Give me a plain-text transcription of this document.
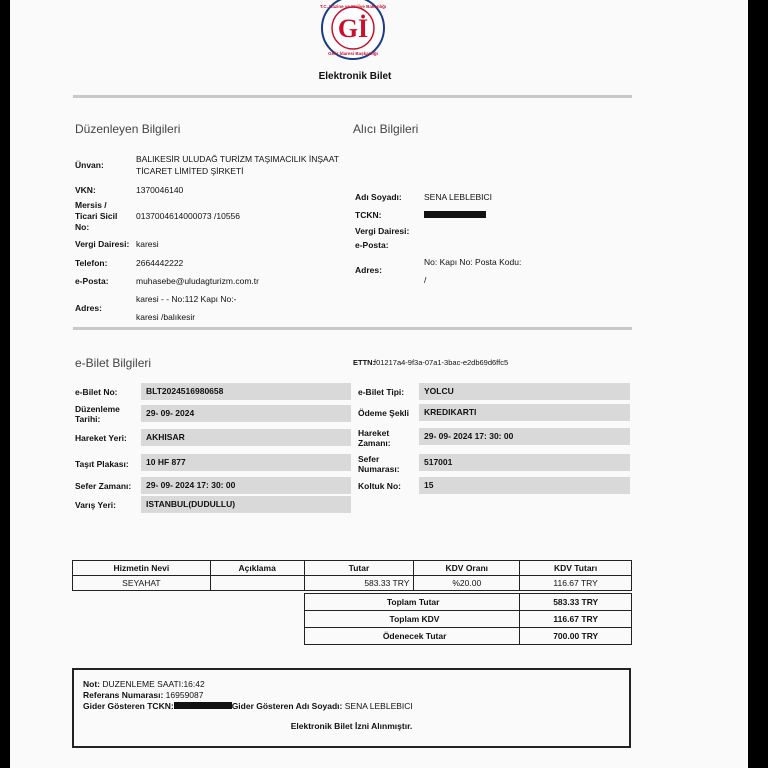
Gİ
T.C. Hazine ve Maliye Bakanlığı
Gelir İdaresi Başkanlığı
Elektronik Bilet
Düzenleyen Bilgileri
Ünvan:
BALIKESİR ULUDAĞ TURİZM TAŞIMACILIK İNŞAAT
TİCARET LİMİTED ŞİRKETİ
VKN:	1370046140
Mersis /
Ticari Sicil
No:
0137004614000073 /10556
Vergi Dairesi: karesi
Telefon:	2664442222
e-Posta:	muhasebe@uludagturizm.com.tr
Adres:
karesi - - No:112 Kapı No:-
karesi /balıkesir
Alıcı Bilgileri
Adı Soyadı:	SENA LEBLEBICI
TCKN:
Vergi Dairesi:
e-Posta:
Adres:
No: Kapı No: Posta Kodu:
/
e-Bilet Bilgileri	ETTN:
f01217a4-9f3a-07a1-3bac-e2db69d6ffc5
e-Bilet No:	BLT2024516980658
Düzenleme
Tarihi:
29- 09- 2024
Hareket Yeri:	AKHISAR
Taşıt Plakası:	10 HF 877
Sefer Zamanı:	29- 09- 2024 17: 30: 00
Varış Yeri:	ISTANBUL(DUDULLU)
e-Bilet Tipi:	YOLCU
Ödeme Şekli	KREDIKARTI
Hareket
Zamanı:
29- 09- 2024 17: 30: 00
Sefer
Numarası:
517001
Koltuk No:	15
Hizmetin Nevi	Açıklama	Tutar	KDV Oranı	KDV Tutarı
SEYAHAT		583.33 TRY	%20.00	116.67 TRY
Toplam Tutar	583.33 TRY
Toplam KDV	116.67 TRY
Ödenecek Tutar	700.00 TRY
Not: DUZENLEME SAATI:16:42
Referans Numarası: 16959087
Gider Gösteren TCKN:	Gider Gösteren Adı Soyadı: SENA LEBLEBICI
Elektronik Bilet İzni Alınmıştır.
